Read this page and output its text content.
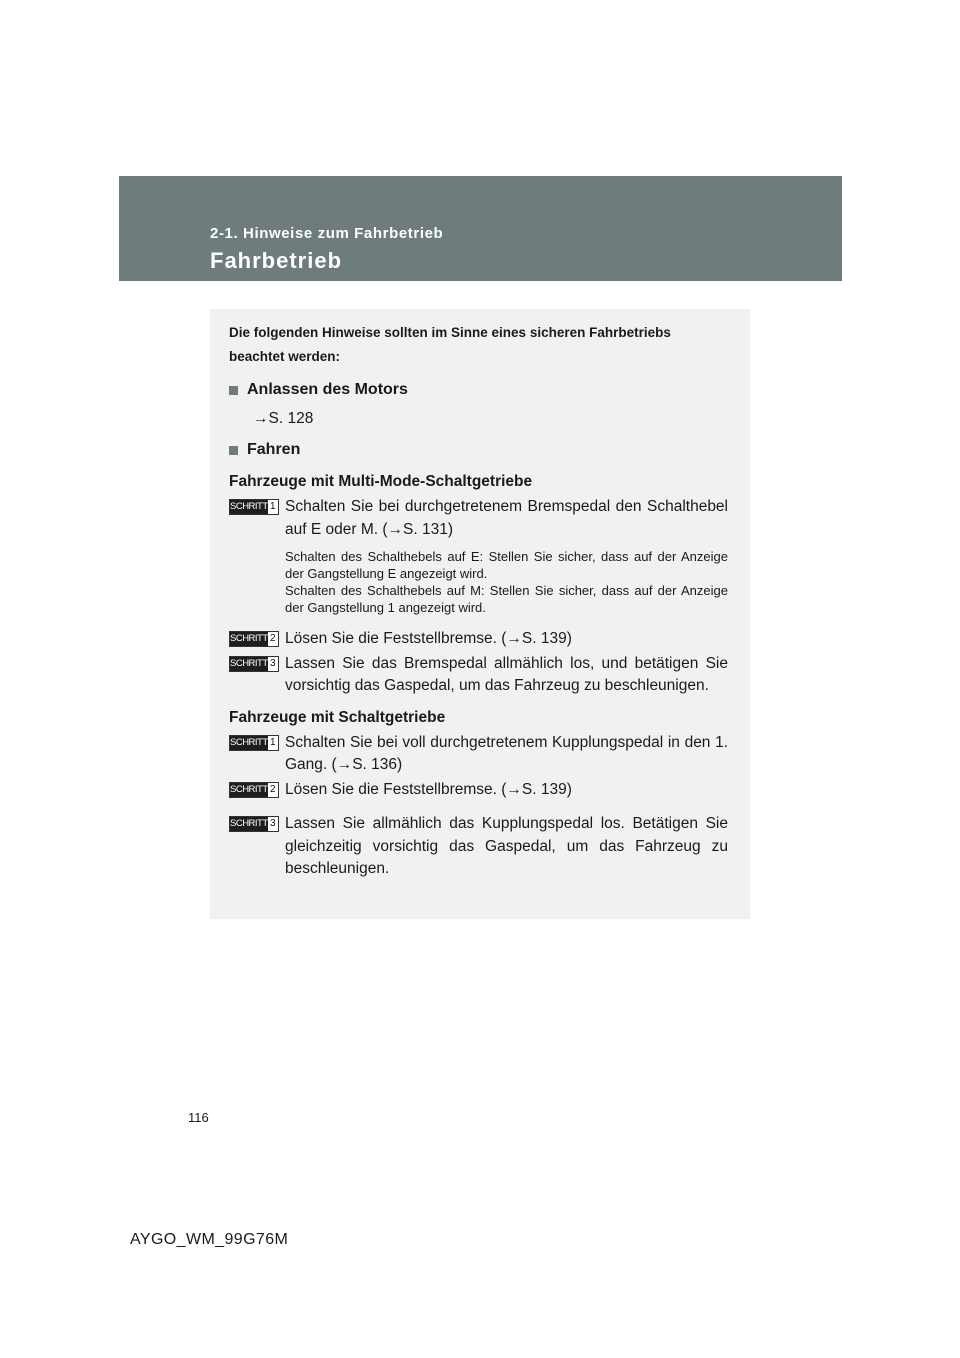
2-1. Hinweise zum Fahrbetrieb
Fahrbetrieb

Die folgenden Hinweise sollten im Sinne eines sicheren Fahrbetriebs beachtet werden:

Anlassen des Motors
→S. 128
Fahren
Fahrzeuge mit Multi-Mode-Schaltgetriebe
SCHRITT 1 Schalten Sie bei durchgetretenem Bremspedal den Schalthebel auf E oder M. (→S. 131)
Schalten des Schalthebels auf E: Stellen Sie sicher, dass auf der Anzeige der Gangstellung E angezeigt wird.
Schalten des Schalthebels auf M: Stellen Sie sicher, dass auf der Anzeige der Gangstellung 1 angezeigt wird.
SCHRITT 2 Lösen Sie die Feststellbremse. (→S. 139)
SCHRITT 3 Lassen Sie das Bremspedal allmählich los, und betätigen Sie vorsichtig das Gaspedal, um das Fahrzeug zu beschleunigen.
Fahrzeuge mit Schaltgetriebe
SCHRITT 1 Schalten Sie bei voll durchgetretenem Kupplungspedal in den 1. Gang. (→S. 136)
SCHRITT 2 Lösen Sie die Feststellbremse. (→S. 139)
SCHRITT 3 Lassen Sie allmählich das Kupplungspedal los. Betätigen Sie gleichzeitig vorsichtig das Gaspedal, um das Fahrzeug zu beschleunigen.
116
AYGO_WM_99G76M
